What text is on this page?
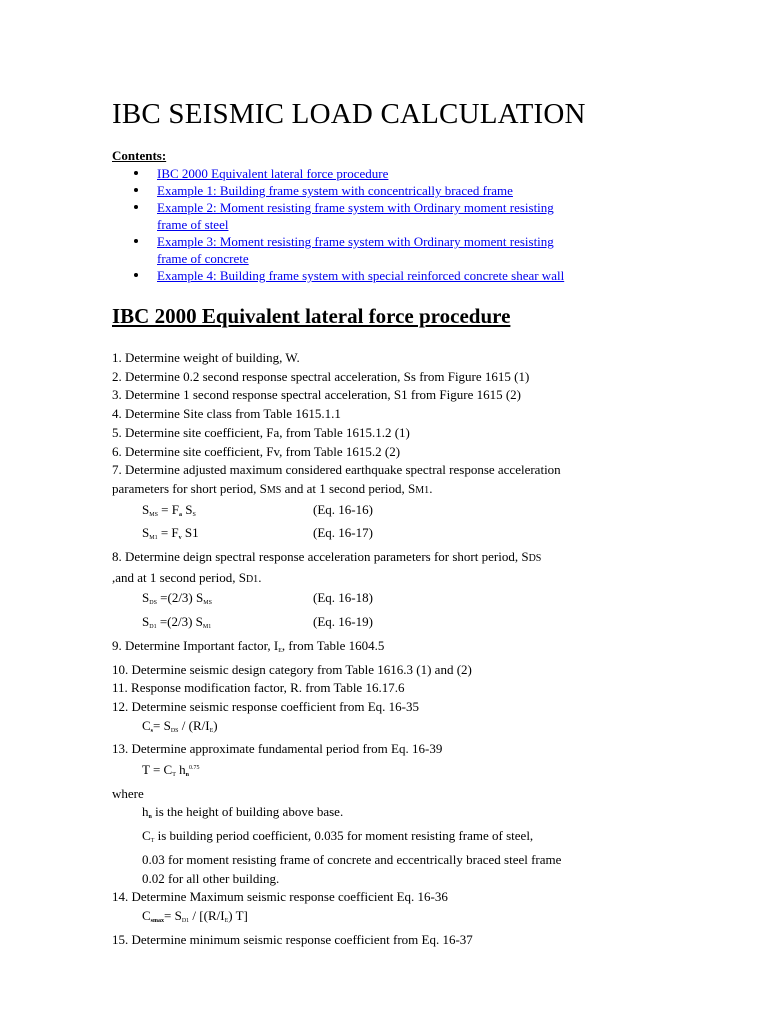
IBC SEISMIC LOAD CALCULATION
Contents:
IBC 2000 Equivalent lateral force procedure
Example 1: Building frame system with concentrically braced frame
Example 2: Moment resisting frame system with Ordinary moment resisting
frame of steel
Example 3: Moment resisting frame system with Ordinary moment resisting
frame of concrete
Example 4: Building frame system with special reinforced concrete shear wall
IBC 2000 Equivalent lateral force procedure
1. Determine weight of building, W.
2. Determine 0.2 second response spectral acceleration, Ss from Figure 1615 (1)
3. Determine 1 second response spectral acceleration, S1 from Figure 1615 (2)
4. Determine Site class from Table 1615.1.1
5. Determine site coefficient, Fa, from Table 1615.1.2 (1)
6. Determine site coefficient, Fv, from Table 1615.2 (2)
7. Determine adjusted maximum considered earthquake spectral response acceleration
parameters for short period, SMS and at 1 second period, SM1.
$S_{MS} = F_a$ $S_S$	(Eq. 16-16)
$S_{M1} = F_v$ S1	(Eq. 16-17)
8. Determine deign spectral response acceleration parameters for short period, SDS
,and at 1 second period, SD1.
$S_{DS} =(2/3)$ $S_{MS}$	(Eq. 16-18)
$S_{D1} =(2/3)$ $S_{M1}$	(Eq. 16-19)
9. Determine Important factor, $I_E$, from Table 1604.5
10. Determine seismic design category from Table 1616.3 (1) and (2)
11. Response modification factor, R. from Table 16.17.6
12. Determine seismic response coefficient from Eq. 16-35
$C_s= S_{DS} / (R/I_E)$
13. Determine approximate fundamental period from Eq. 16-39
$T = C_T$ $h_n^{0.75}$
where
$h_n$ is the height of building above base.
$C_T$ is building period coefficient, 0.035 for moment resisting frame of steel,
0.03 for moment resisting frame of concrete and eccentrically braced steel frame
0.02 for all other building.
14. Determine Maximum seismic response coefficient Eq. 16-36
$C_{smax}= S_{D1} / [(R/I_E)$ T]
15. Determine minimum seismic response coefficient from Eq. 16-37
